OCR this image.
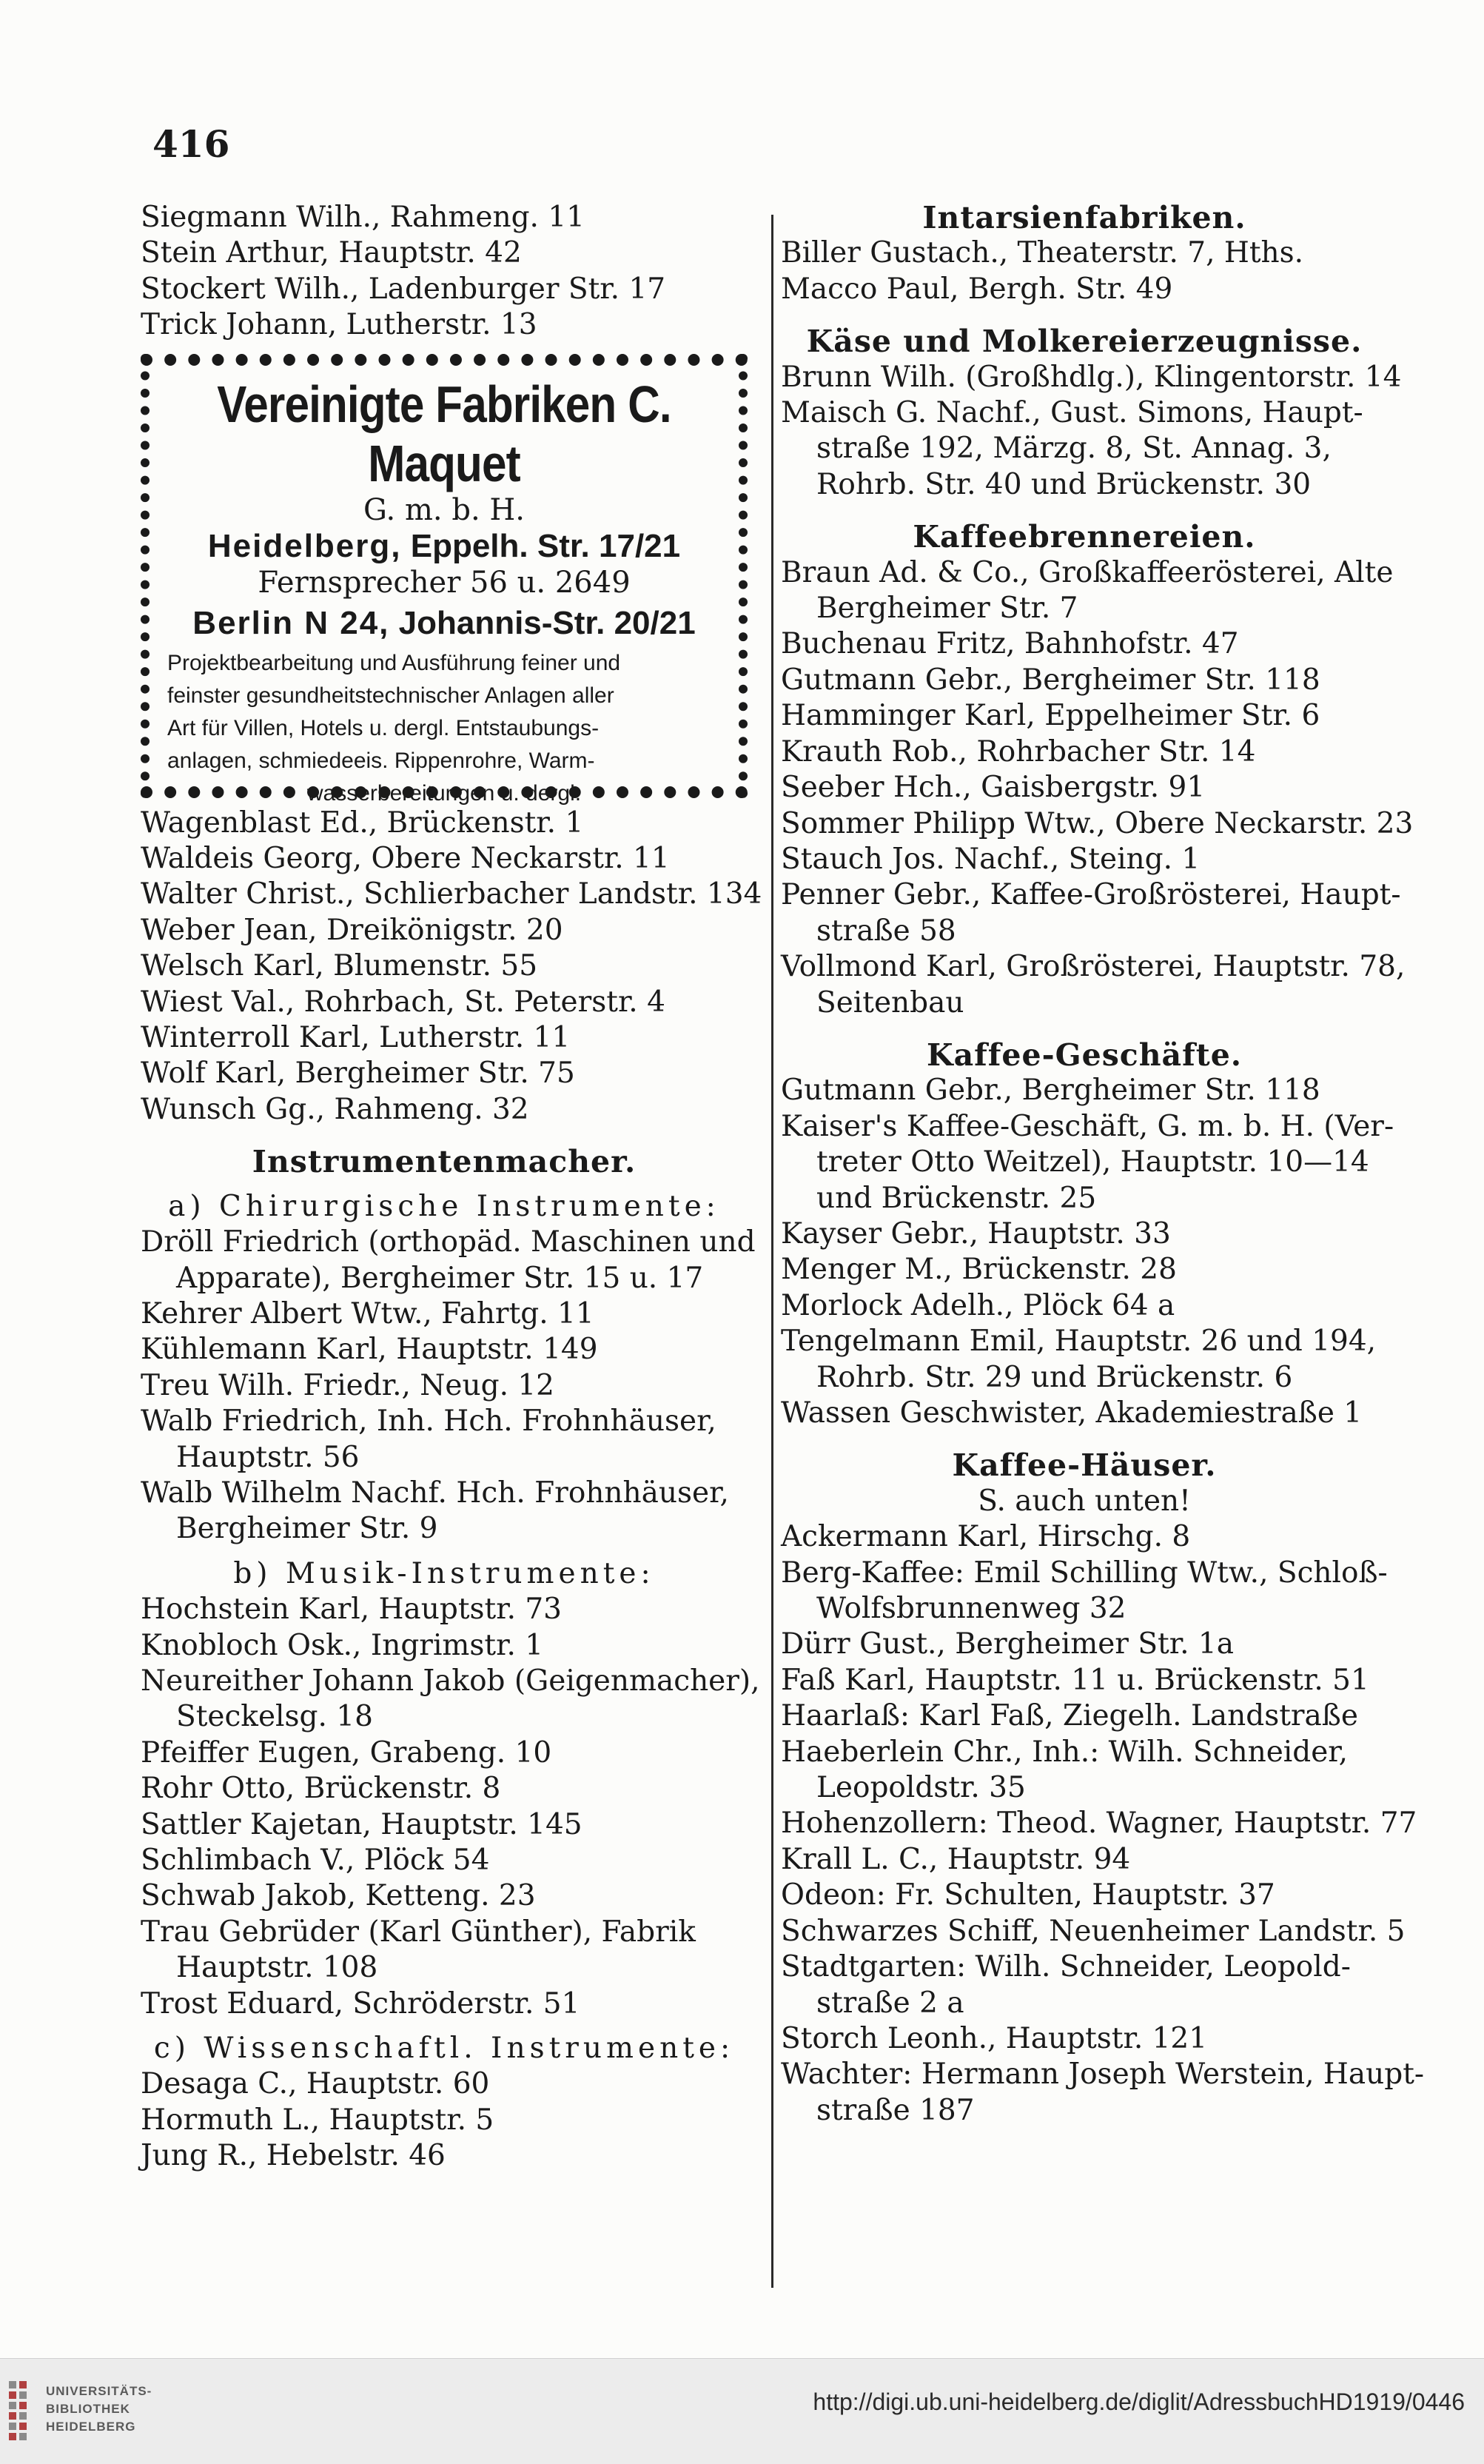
416
Siegmann Wilh., Rahmeng. 11
Stein Arthur, Hauptstr. 42
Stockert Wilh., Ladenburger Str. 17
Trick Johann, Lutherstr. 13
Vereinigte Fabriken C. Maquet
G. m. b. H.
Heidelberg, Eppelh. Str. 17/21
Fernsprecher 56 u. 2649
Berlin N 24, Johannis-Str. 20/21
Projektbearbeitung und Ausführung feiner und
feinster gesundheitstechnischer Anlagen aller
Art für Villen, Hotels u. dergl. Entstaubungs-
anlagen, schmiedeeis. Rippenrohre, Warm-
wasserbereitungen u. dergl.
Wagenblast Ed., Brückenstr. 1
Waldeis Georg, Obere Neckarstr. 11
Walter Christ., Schlierbacher Landstr. 134
Weber Jean, Dreikönigstr. 20
Welsch Karl, Blumenstr. 55
Wiest Val., Rohrbach, St. Peterstr. 4
Winterroll Karl, Lutherstr. 11
Wolf Karl, Bergheimer Str. 75
Wunsch Gg., Rahmeng. 32
Instrumentenmacher.
a) Chirurgische Instrumente:
Dröll Friedrich (orthopäd. Maschinen und
Apparate), Bergheimer Str. 15 u. 17
Kehrer Albert Wtw., Fahrtg. 11
Kühlemann Karl, Hauptstr. 149
Treu Wilh. Friedr., Neug. 12
Walb Friedrich, Inh. Hch. Frohnhäuser,
Hauptstr. 56
Walb Wilhelm Nachf. Hch. Frohnhäuser,
Bergheimer Str. 9
b) Musik-Instrumente:
Hochstein Karl, Hauptstr. 73
Knobloch Osk., Ingrimstr. 1
Neureither Johann Jakob (Geigenmacher),
Steckelsg. 18
Pfeiffer Eugen, Grabeng. 10
Rohr Otto, Brückenstr. 8
Sattler Kajetan, Hauptstr. 145
Schlimbach V., Plöck 54
Schwab Jakob, Ketteng. 23
Trau Gebrüder (Karl Günther), Fabrik
Hauptstr. 108
Trost Eduard, Schröderstr. 51
c) Wissenschaftl. Instrumente:
Desaga C., Hauptstr. 60
Hormuth L., Hauptstr. 5
Jung R., Hebelstr. 46
Intarsienfabriken.
Biller Gustach., Theaterstr. 7, Hths.
Macco Paul, Bergh. Str. 49
Käse und Molkereierzeugnisse.
Brunn Wilh. (Großhdlg.), Klingentorstr. 14
Maisch G. Nachf., Gust. Simons, Haupt-
straße 192, Märzg. 8, St. Annag. 3,
Rohrb. Str. 40 und Brückenstr. 30
Kaffeebrennereien.
Braun Ad. & Co., Großkaffeerösterei, Alte
Bergheimer Str. 7
Buchenau Fritz, Bahnhofstr. 47
Gutmann Gebr., Bergheimer Str. 118
Hamminger Karl, Eppelheimer Str. 6
Krauth Rob., Rohrbacher Str. 14
Seeber Hch., Gaisbergstr. 91
Sommer Philipp Wtw., Obere Neckarstr. 23
Stauch Jos. Nachf., Steing. 1
Penner Gebr., Kaffee-Großrösterei, Haupt-
straße 58
Vollmond Karl, Großrösterei, Hauptstr. 78,
Seitenbau
Kaffee-Geschäfte.
Gutmann Gebr., Bergheimer Str. 118
Kaiser's Kaffee-Geschäft, G. m. b. H. (Ver-
treter Otto Weitzel), Hauptstr. 10—14
und Brückenstr. 25
Kayser Gebr., Hauptstr. 33
Menger M., Brückenstr. 28
Morlock Adelh., Plöck 64 a
Tengelmann Emil, Hauptstr. 26 und 194,
Rohrb. Str. 29 und Brückenstr. 6
Wassen Geschwister, Akademiestraße 1
Kaffee-Häuser.
S. auch unten!
Ackermann Karl, Hirschg. 8
Berg-Kaffee: Emil Schilling Wtw., Schloß-
Wolfsbrunnenweg 32
Dürr Gust., Bergheimer Str. 1a
Faß Karl, Hauptstr. 11 u. Brückenstr. 51
Haarlaß: Karl Faß, Ziegelh. Landstraße
Haeberlein Chr., Inh.: Wilh. Schneider,
Leopoldstr. 35
Hohenzollern: Theod. Wagner, Hauptstr. 77
Krall L. C., Hauptstr. 94
Odeon: Fr. Schulten, Hauptstr. 37
Schwarzes Schiff, Neuenheimer Landstr. 5
Stadtgarten: Wilh. Schneider, Leopold-
straße 2 a
Storch Leonh., Hauptstr. 121
Wachter: Hermann Joseph Werstein, Haupt-
straße 187
UNIVERSITÄTS-
BIBLIOTHEK
HEIDELBERG
http://digi.ub.uni-heidelberg.de/diglit/AdressbuchHD1919/0446
